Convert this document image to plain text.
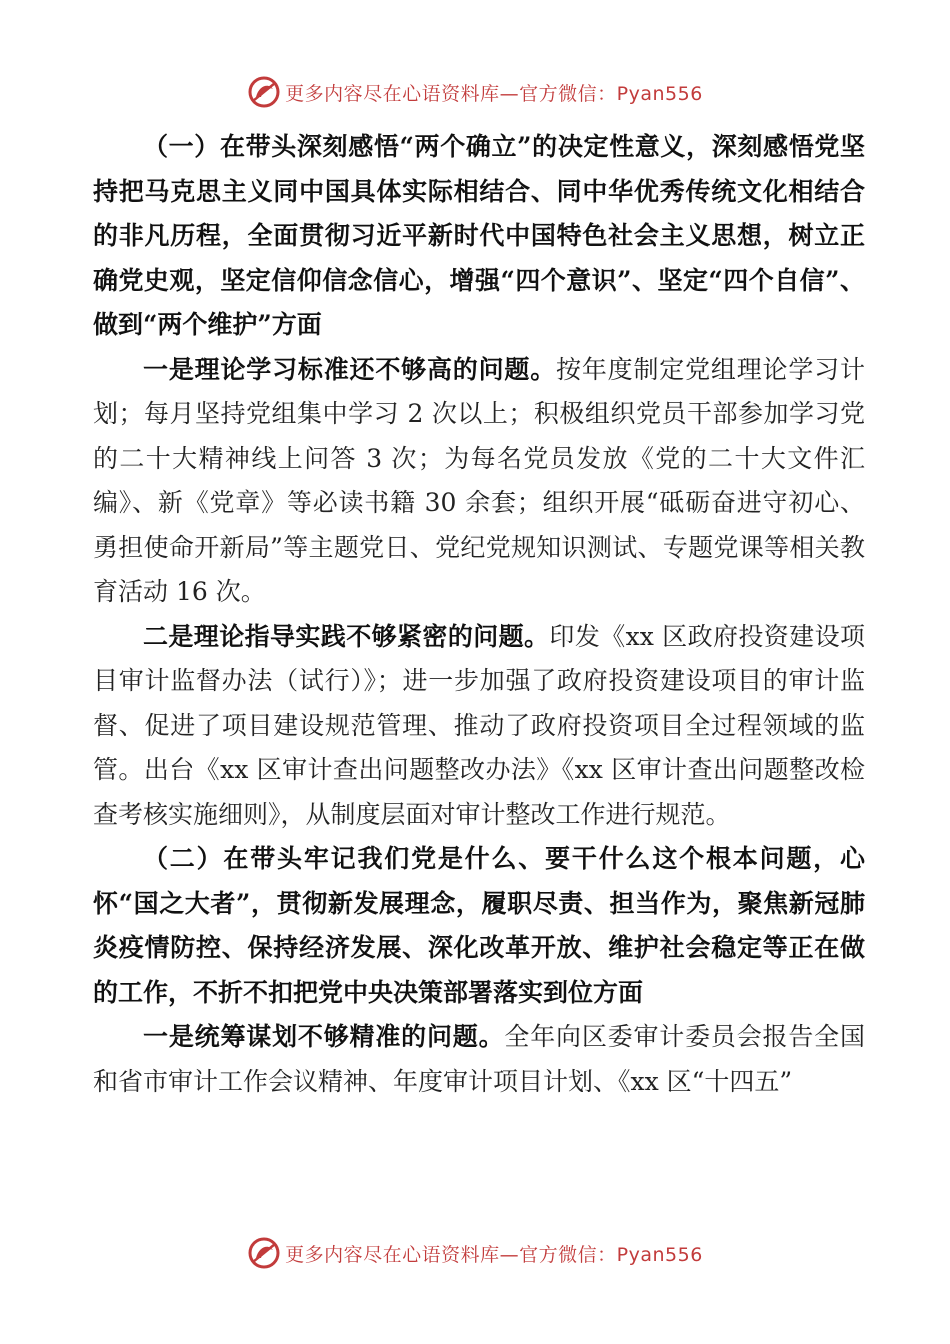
更多内容尽在心语资料库—官方微信：Pyan556

（一）在带头深刻感悟“两个确立”的决定性意义，深刻感悟党坚持把马克思主义同中国具体实际相结合、同中华优秀传统文化相结合的非凡历程，全面贯彻习近平新时代中国特色社会主义思想，树立正确党史观，坚定信仰信念信心，增强“四个意识”、坚定“四个自信”、做到“两个维护”方面

一是理论学习标准还不够高的问题。按年度制定党组理论学习计划；每月坚持党组集中学习 2 次以上；积极组织党员干部参加学习党的二十大精神线上问答 3 次；为每名党员发放《党的二十大文件汇编》、新《党章》等必读书籍 30 余套；组织开展“砥砺奋进守初心、勇担使命开新局”等主题党日、党纪党规知识测试、专题党课等相关教育活动 16 次。

二是理论指导实践不够紧密的问题。印发《xx 区政府投资建设项目审计监督办法（试行）》；进一步加强了政府投资建设项目的审计监督、促进了项目建设规范管理、推动了政府投资项目全过程领域的监管。出台《xx 区审计查出问题整改办法》《xx 区审计查出问题整改检查考核实施细则》，从制度层面对审计整改工作进行规范。

（二）在带头牢记我们党是什么、要干什么这个根本问题，心怀“国之大者”，贯彻新发展理念，履职尽责、担当作为，聚焦新冠肺炎疫情防控、保持经济发展、深化改革开放、维护社会稳定等正在做的工作，不折不扣把党中央决策部署落实到位方面

一是统筹谋划不够精准的问题。全年向区委审计委员会报告全国和省市审计工作会议精神、年度审计项目计划、《xx 区“十四五”

更多内容尽在心语资料库—官方微信：Pyan556
